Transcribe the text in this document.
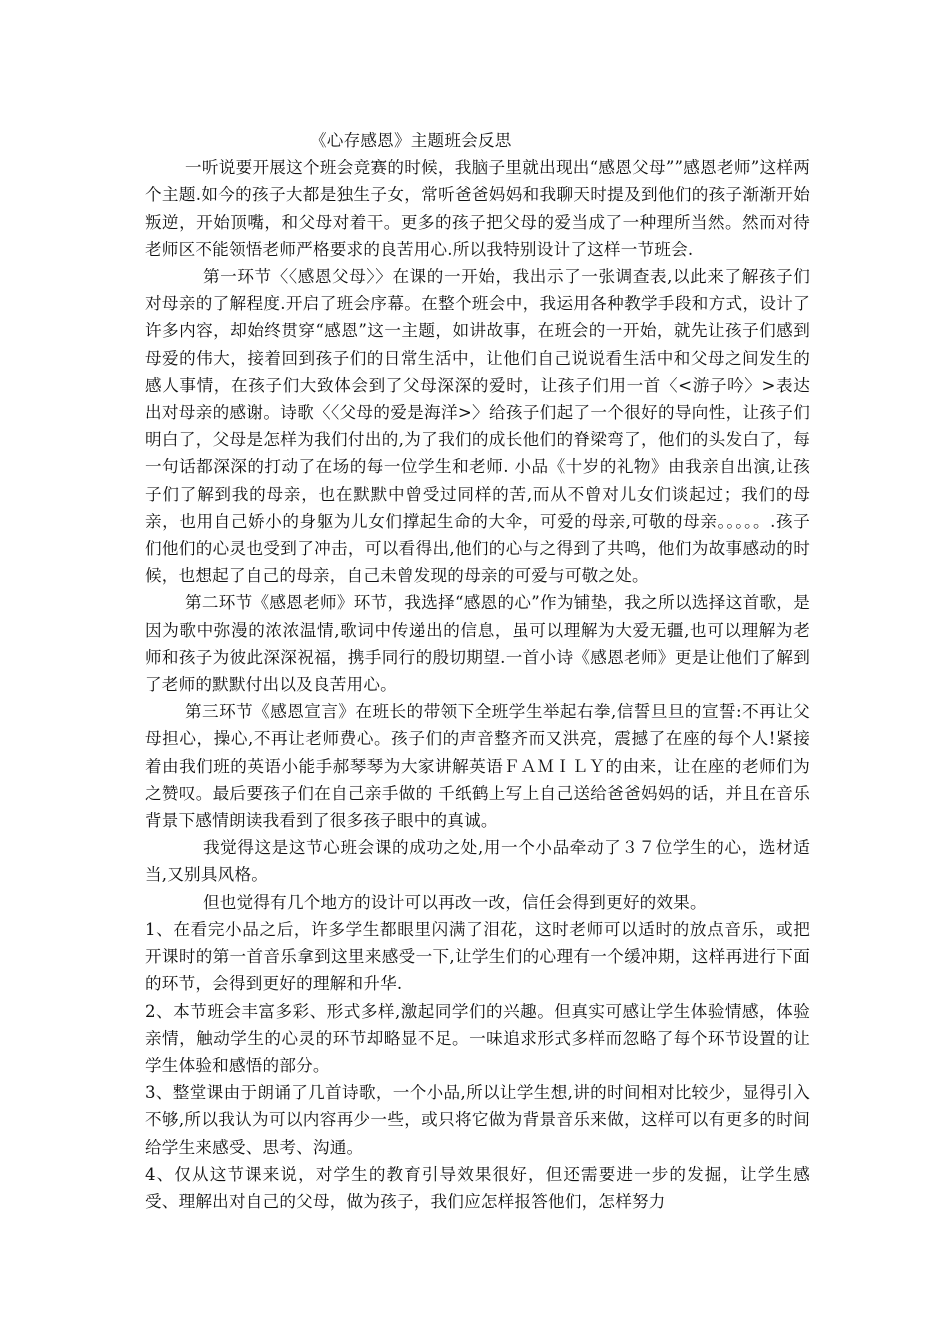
《心存感恩》主题班会反思

一听说要开展这个班会竞赛的时候，我脑子里就出现出“感恩父母””感恩老师”这样两个主题.如今的孩子大都是独生子女，常听爸爸妈妈和我聊天时提及到他们的孩子渐渐开始叛逆，开始顶嘴，和父母对着干。更多的孩子把父母的爱当成了一种理所当然。然而对待老师区不能领悟老师严格要求的良苦用心.所以我特别设计了这样一节班会.

第一环节〈〈感恩父母〉〉在课的一开始，我出示了一张调查表,以此来了解孩子们对母亲的了解程度.开启了班会序幕。在整个班会中，我运用各种教学手段和方式，设计了许多内容，却始终贯穿“感恩”这一主题，如讲故事，在班会的一开始，就先让孩子们感到母爱的伟大，接着回到孩子们的日常生活中，让他们自己说说看生活中和父母之间发生的感人事情，在孩子们大致体会到了父母深深的爱时，让孩子们用一首〈<游子吟〉>表达出对母亲的感谢。诗歌〈〈父母的爱是海洋>〉给孩子们起了一个很好的导向性，让孩子们明白了，父母是怎样为我们付出的,为了我们的成长他们的脊梁弯了，他们的头发白了，每一句话都深深的打动了在场的每一位学生和老师. 小品《十岁的礼物》由我亲自出演,让孩子们了解到我的母亲，也在默默中曾受过同样的苦,而从不曾对儿女们谈起过；我们的母亲，也用自己娇小的身躯为儿女们撑起生命的大伞，可爱的母亲,可敬的母亲。。。。。.孩子们他们的心灵也受到了冲击，可以看得出,他们的心与之得到了共鸣，他们为故事感动的时候，也想起了自己的母亲，自己未曾发现的母亲的可爱与可敬之处。

第二环节《感恩老师》环节，我选择“感恩的心”作为铺垫，我之所以选择这首歌，是因为歌中弥漫的浓浓温情,歌词中传递出的信息，虽可以理解为大爱无疆,也可以理解为老师和孩子为彼此深深祝福，携手同行的殷切期望.一首小诗《感恩老师》更是让他们了解到了老师的默默付出以及良苦用心。

第三环节《感恩宣言》在班长的带领下全班学生举起右拳,信誓旦旦的宣誓:不再让父母担心，操心,不再让老师费心。孩子们的声音整齐而又洪亮，震撼了在座的每个人!紧接着由我们班的英语小能手郝琴琴为大家讲解英语ＦＡＭＩＬＹ的由来，让在座的老师们为之赞叹。最后要孩子们在自己亲手做的 千纸鹤上写上自己送给爸爸妈妈的话，并且在音乐背景下感情朗读我看到了很多孩子眼中的真诚。

我觉得这是这节心班会课的成功之处,用一个小品牵动了３７位学生的心，选材适当,又别具风格。

但也觉得有几个地方的设计可以再改一改，信任会得到更好的效果。

1、在看完小品之后，许多学生都眼里闪满了泪花，这时老师可以适时的放点音乐，或把开课时的第一首音乐拿到这里来感受一下,让学生们的心理有一个缓冲期，这样再进行下面的环节，会得到更好的理解和升华.

2、本节班会丰富多彩、形式多样,激起同学们的兴趣。但真实可感让学生体验情感，体验亲情，触动学生的心灵的环节却略显不足。一味追求形式多样而忽略了每个环节设置的让学生体验和感悟的部分。

3、整堂课由于朗诵了几首诗歌，一个小品,所以让学生想,讲的时间相对比较少，显得引入不够,所以我认为可以内容再少一些，或只将它做为背景音乐来做，这样可以有更多的时间给学生来感受、思考、沟通。

4、仅从这节课来说，对学生的教育引导效果很好，但还需要进一步的发掘，让学生感受、理解出对自己的父母，做为孩子，我们应怎样报答他们，怎样努力
